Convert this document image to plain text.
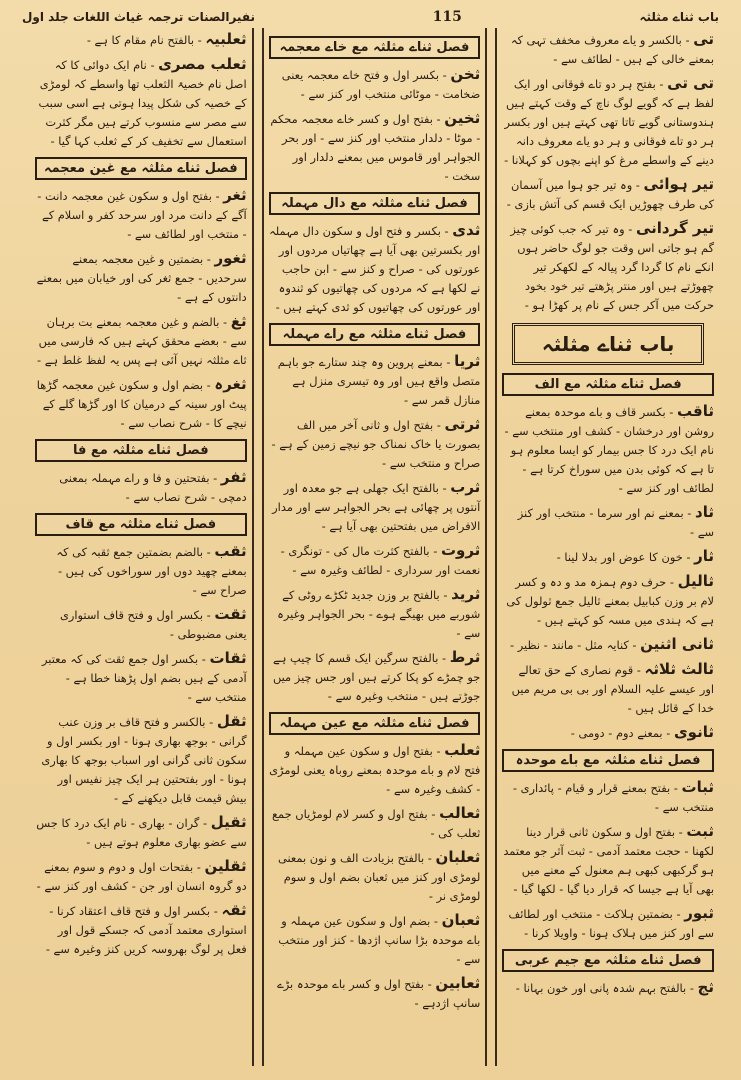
باب ثناے مثلثہ
115
نفیرالصنات ترجمہ غیاث اللغات جلد اول

تی - بالکسر و یاے معروف مخفف تہی کہ بمعنے خالی کے ہیں - لطائف سے -

تی تی - بفتح ہر دو تاے فوقانی اور ایک لفظ ہے کہ گویے لوگ ناچ کے وقت کہتے ہیں ہندوستانی گویے تاتا تھی کہتے ہیں اور بکسر ہر دو تاے فوقانی و ہر دو یاے معروف دانہ دینے کے واسطے مرغ کو اپنے بچوں کو کہلانا -

تیر ہوائی - وہ تیر جو ہوا میں آسمان کی طرف چھوڑیں ایک قسم کی آتش بازی -

تیر گردانی - وہ تیر کہ جب کوئی چیز گم ہو جاتی اس وقت جو لوگ حاضر ہوں انکے نام کا گردا گرد پیالہ کے لکھکر تیر چھوڑتے ہیں اور منتر پڑھتے تیر خود بخود حرکت میں آکر جس کے نام پر کھڑا ہو -

باب ثناے مثلثہ
فصل ثناے مثلثہ مع الف

ثاقب - بکسر قاف و باے موحدہ بمعنے روشن اور درخشان - کشف اور منتخب سے - نام ایک درد کا جس بیمار کو ایسا معلوم ہو تا ہے کہ کوئی بدن میں سوراخ کرتا ہے - لطائف اور کنز سے -

ثاد - بمعنے نم اور سرما - منتخب اور کنز سے -

ثار - خون کا عوض اور بدلا لینا -

ثالیل - حرف دوم ہمزہ مد و دہ و کسر لام بر وزن کبابیل بمعنے ثالیل جمع ثولول کی ہے کہ ہندی میں مسہ کو کہتے ہیں -

ثانی اثنین - کنایہ مثل - مانند - نظیر -

ثالث ثلاثہ - قوم نصاری کے حق تعالے اور عیسے علیہ السلام اور بی بی مریم میں خدا کے قائل ہیں -

ثانوی - بمعنے دوم - دومی -

فصل ثناے مثلثہ مع باے موحدہ

ثبات - بفتح بمعنے قرار و قیام - پائداری - منتخب سے -

ثبت - بفتح اول و سکون ثانی قرار دینا لکھنا - حجت معتمد آدمی - ثبت آثر جو معتمد ہو گرکبھی کبھی ہم معنول کے معنے میں بھی آیا ہے جیسا کہ قرار دیا گیا - لکھا گیا -

ثبور - بضمتین ہلاکت - منتخب اور لطائف سے اور کنز میں ہلاک ہونا - واویلا کرنا -

فصل ثناے مثلثہ مع جیم عربی

ثج - بالفتح بہم شدہ پانی اور خون بہانا -

فصل ثناے مثلثہ مع خاے معجمہ

ثخن - بکسر اول و فتح خاے معجمہ یعنی ضخامت - موٹائی منتخب اور کنز سے -

ثخین - بفتح اول و کسر خاے معجمہ محکم - موٹا - دلدار منتخب اور کنز سے - اور بحر الجواہر اور قاموس میں بمعنے دلدار اور سخت -

فصل ثناے مثلثہ مع دال مہملہ

ثدی - بکسر و فتح اول و سکون دال مہملہ اور بکسرتین بھی آیا ہے چھاتیاں مردوں اور عورتوں کی - صراح و کنز سے - ابن حاجب نے لکھا ہے کہ مردوں کی چھاتیوں کو ثندوہ اور عورتوں کی چھاتیوں کو ثدی کہتے ہیں -

فصل ثناے مثلثہ مع راے مہملہ

ثریا - بمعنے پروین وہ چند ستارے جو باہم متصل واقع ہیں اور وہ تیسری منزل ہے منازل قمر سے -

ثرتی - بفتح اول و ثانی آخر میں الف بصورت یا خاک نمناک جو نیچے زمین کے ہے - صراح و منتخب سے -

ثرب - بالفتح ایک جھلی ہے جو معدہ اور آنتوں پر چھائی ہے بحر الجواہر سے اور مدار الافراض میں بفتحتین بھی آیا ہے -

ثروت - بالفتح کثرت مال کی - تونگری - نعمت اور سرداری - لطائف وغیرہ سے -

ثرید - بالفتح بر وزن جدید ٹکڑے روٹی کے شوربے میں بھیگے ہوے - بحر الجواہر وغیرہ سے -

ثرط - بالفتح سرگین ایک قسم کا چیپ ہے جو چمڑے کو پکا کرتے ہیں اور جس چیز میں جوڑتے ہیں - منتخب وغیرہ سے -

فصل ثناے مثلثہ مع عین مہملہ

ثعلب - بفتح اول و سکون عین مہملہ و فتح لام و باے موحدہ بمعنے روباہ یعنی لومڑی - کشف وغیرہ سے -

ثعالب - بفتح اول و کسر لام لومڑیاں جمع ثعلب کی -

ثعلبان - بالفتح بزیادت الف و نون بمعنی لومڑی اور کنز میں ثعبان بضم اول و سوم لومڑی نر -

ثعبان - بضم اول و سکون عین مہملہ و باے موحدہ بڑا سانپ اژدھا - کنز اور منتخب سے -

ثعابین - بفتح اول و کسر باے موحدہ بڑے سانپ اژدہے -

ثعلبیہ - بالفتح نام مقام کا ہے -

ثعلب مصری - نام ایک دوائی کا کہ اصل نام خصیۃ الثعلب تھا واسطے کہ لومڑی کے خصیہ کی شکل پیدا ہوتی ہے اسی سبب سے مصر سے منسوب کرتے ہیں مگر کثرت استعمال سے تخفیف کر کے ثعلب کہا گیا -

فصل ثناے مثلثہ مع غین معجمہ

ثغر - بفتح اول و سکون غین معجمہ دانت - آگے کے دانت مرد اور سرحد کفر و اسلام کے - منتخب اور لطائف سے -

ثغور - بضمتین و غین معجمہ بمعنے سرحدیں - جمع ثغر کی اور خیابان میں بمعنے دانتوں کے ہے -

ثغ - بالضم و غین معجمہ بمعنے بت برہان سے - بعضے محقق کہتے ہیں کہ فارسی میں ثاے مثلثہ نہیں آئی ہے پس یہ لفظ غلط ہے -

ثغرہ - بضم اول و سکون غین معجمہ گڑھا پیٹ اور سینہ کے درمیان کا اور گڑھا گلے کے نیچے کا - شرح نصاب سے -

فصل ثناے مثلثہ مع فا

ثفر - بفتحتین و فا و راے مہملہ بمعنی دمچی - شرح نصاب سے -

فصل ثناے مثلثہ مع قاف

ثقب - بالضم بضمتین جمع ثقبہ کی کہ بمعنے چھید دوں اور سوراخوں کی ہیں - صراح سے -

ثقت - بکسر اول و فتح قاف استواری یعنی مضبوطی -

ثقات - بکسر اول جمع ثقت کی کہ معتبر آدمی کے ہیں بضم اول پڑھنا خطا ہے - منتخب سے -

ثقل - بالکسر و فتح قاف بر وزن عنب گرانی - بوجھ بھاری ہونا - اور بکسر اول و سکون ثانی گرانی اور اسباب بوجھ کا بھاری ہونا - اور بفتحتین ہر ایک چیز نفیس اور بیش قیمت قابل دیکھنے کے -

ثقیل - گران - بھاری - نام ایک درد کا جس سے عضو بھاری معلوم ہوتے ہیں -

ثقلین - بفتحات اول و دوم و سوم بمعنے دو گروہ انسان اور جن - کشف اور کنز سے -

ثقہ - بکسر اول و فتح قاف اعتقاد کرنا - استواری معتمد آدمی کہ جسکے قول اور فعل پر لوگ بھروسہ کریں کنز وغیرہ سے -
